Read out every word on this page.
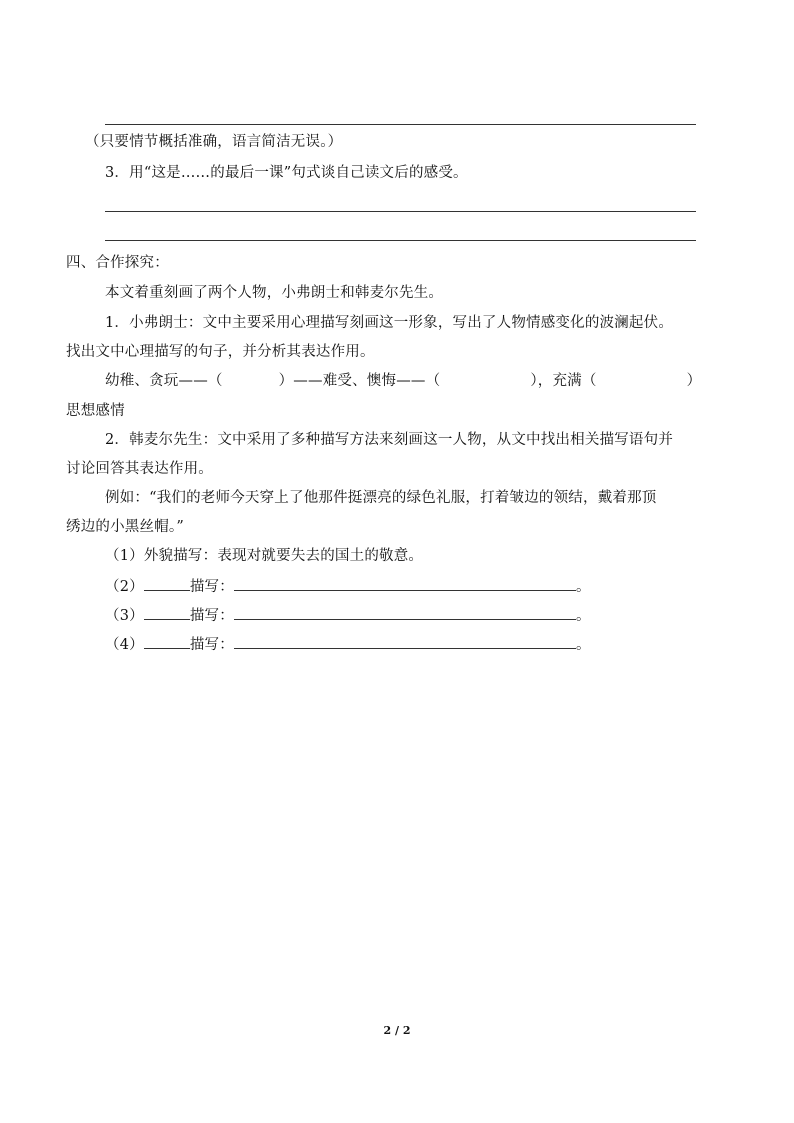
（只要情节概括准确，语言简洁无误。）
3．用“这是……的最后一课”句式谈自己读文后的感受。
四、合作探究：
本文着重刻画了两个人物，小弗朗士和韩麦尔先生。
1．小弗朗士：文中主要采用心理描写刻画这一形象，写出了人物情感变化的波澜起伏。
找出文中心理描写的句子，并分析其表达作用。
幼稚、贪玩——（	）——难受、懊悔——（	），充满（	）
思想感情
2．韩麦尔先生：文中采用了多种描写方法来刻画这一人物，从文中找出相关描写语句并
讨论回答其表达作用。
例如：“我们的老师今天穿上了他那件挺漂亮的绿色礼服，打着皱边的领结，戴着那顶
绣边的小黑丝帽。”
（1）外貌描写：表现对就要失去的国土的敬意。
（2）	描写：	。
（3）	描写：	。
（4）	描写：	。
2 / 2
